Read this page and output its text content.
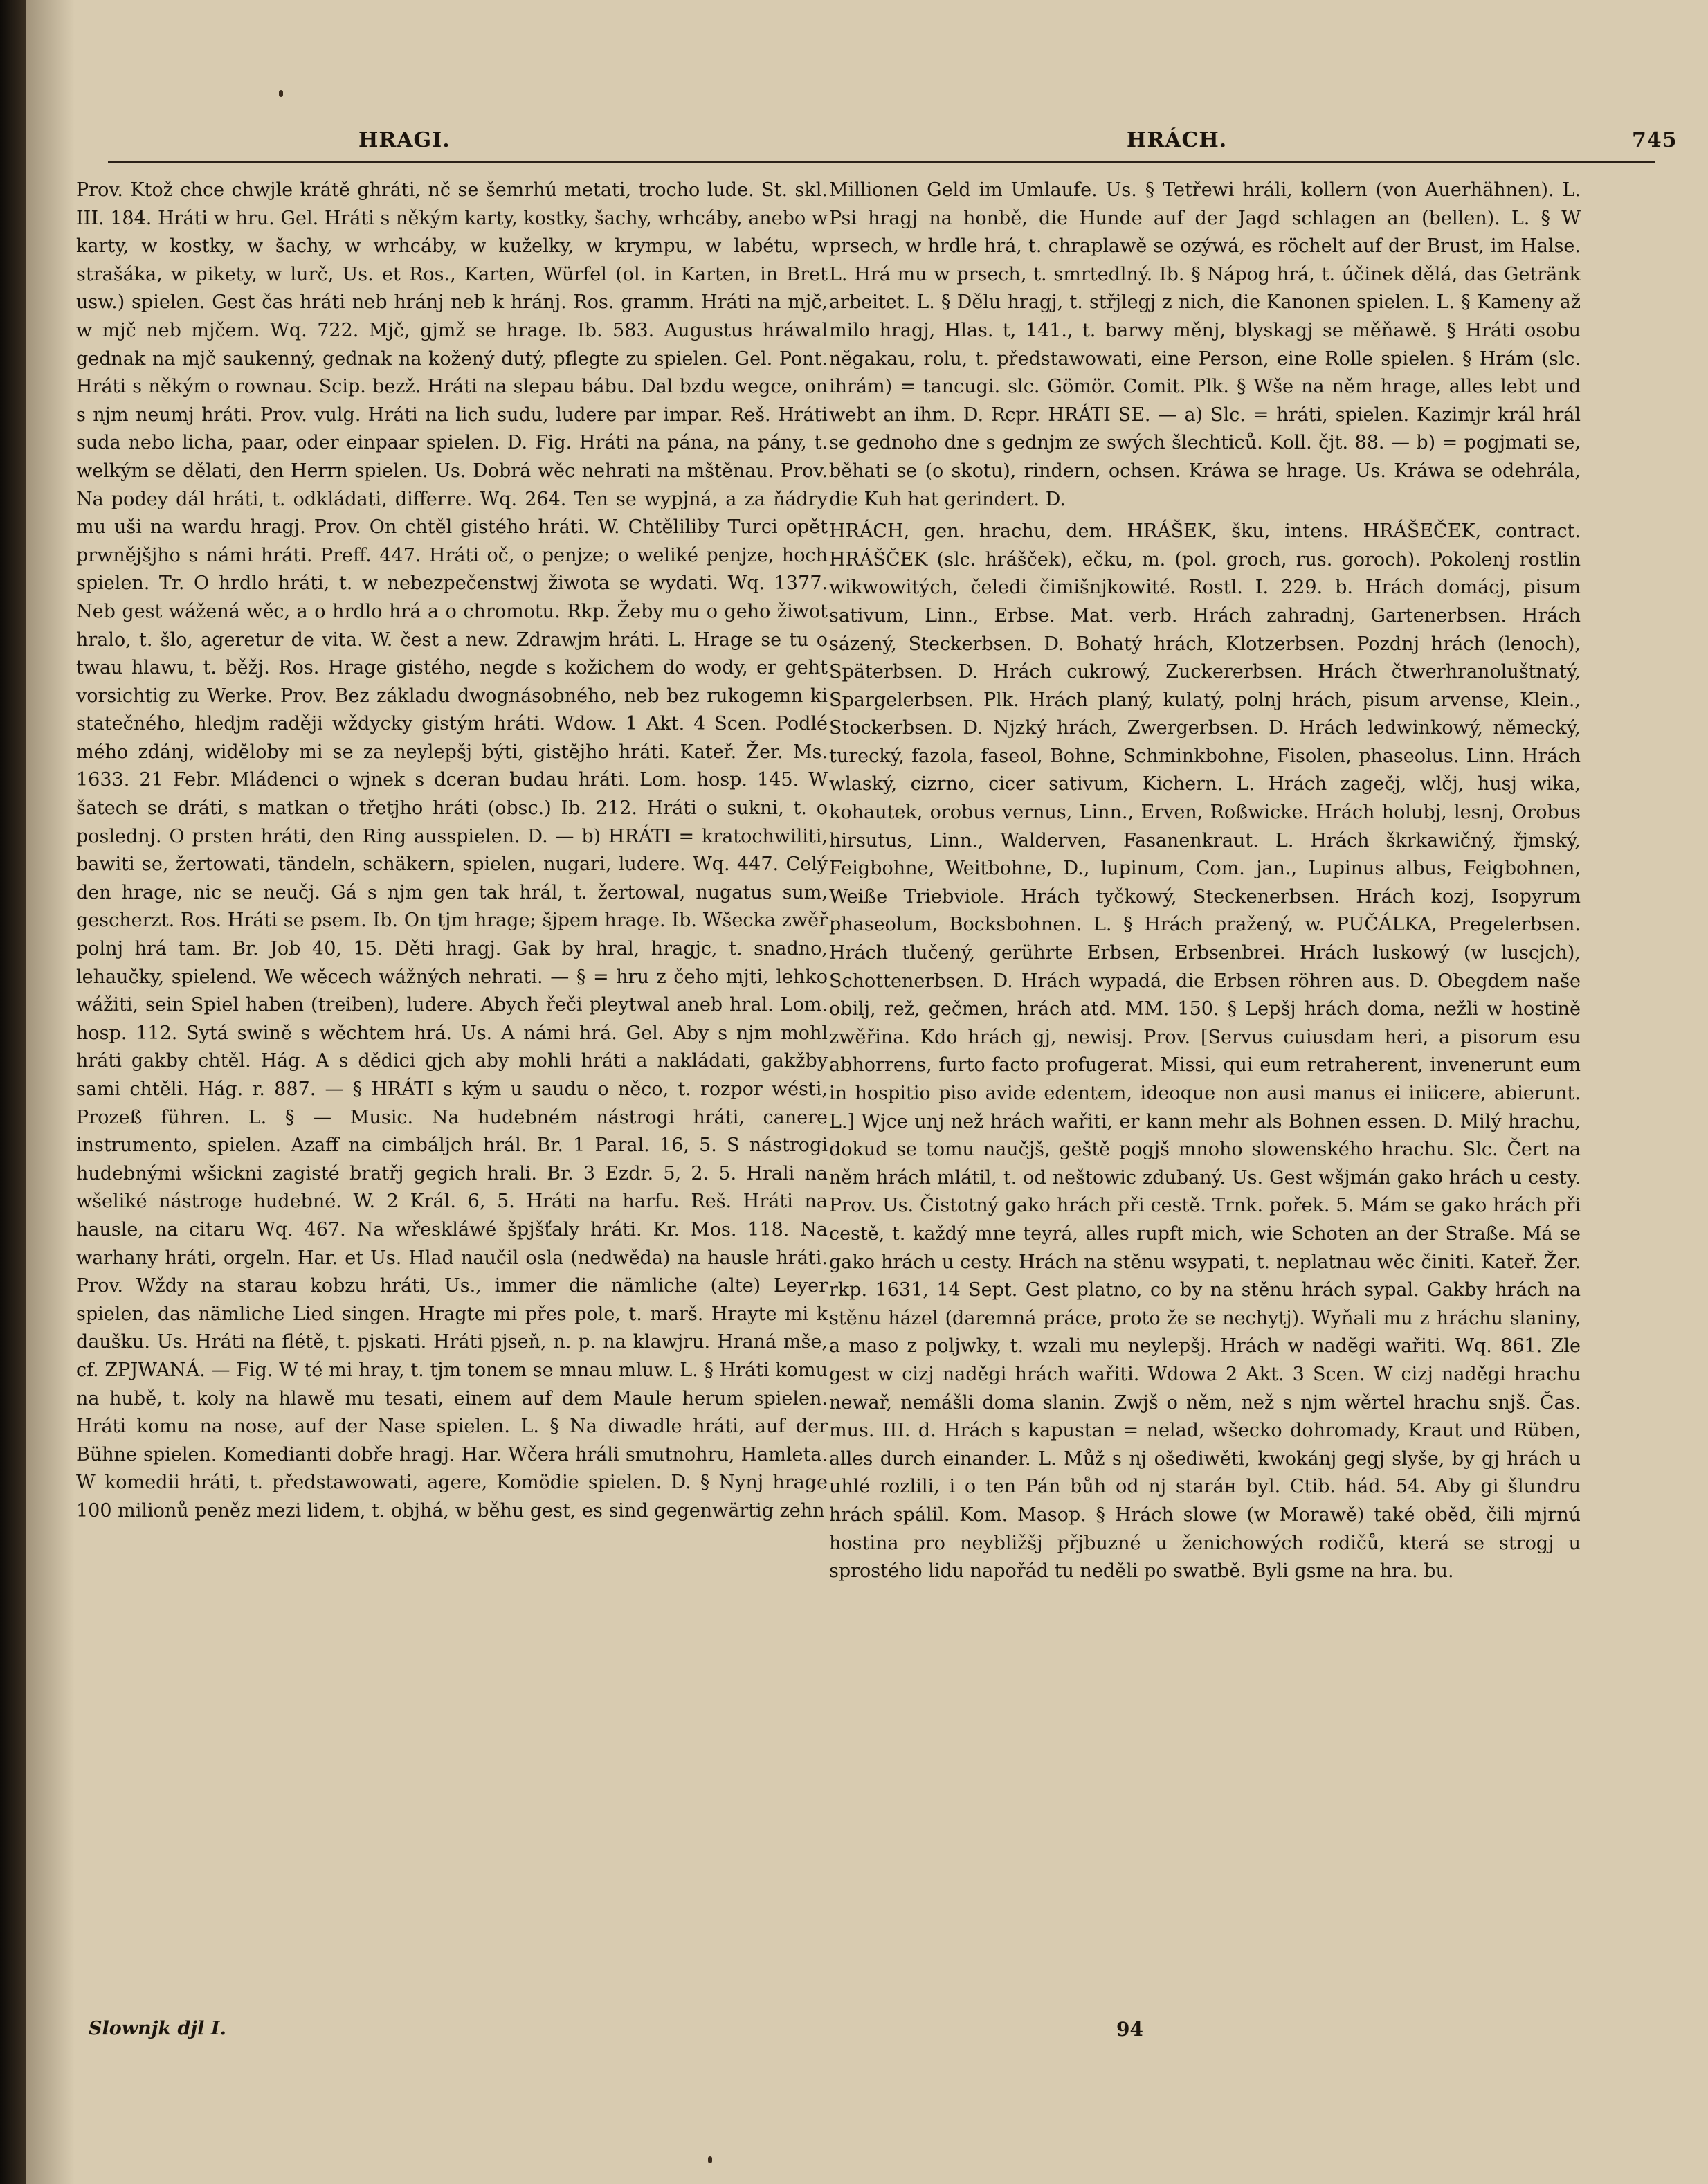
HRAGI.	HRÁCH.	745

Prov. Ktož chce chwjle krátě ghráti, nč se šemrhú metati, trocho lude. St. skl. III. 184. Hráti w hru. Gel. Hráti s někým karty, kostky, šachy, wrhcáby, anebo w karty, w kostky, w šachy, w wrhcáby, w kuželky, w krympu, w labétu, w strašáka, w pikety, w lurč, Us. et Ros., Karten, Würfel (ol. in Karten, in Bret usw.) spielen. Gest čas hráti neb hránj neb k hránj. Ros. gramm. Hráti na mjč, w mjč neb mjčem. Wq. 722. Mjč, gjmž se hrage. Ib. 583. Augustus hráwal gednak na mjč saukenný, gednak na kožený dutý, pflegte zu spielen. Gel. Pont. Hráti s někým o rownau. Scip. bezž. Hráti na slepau bábu. Dal bzdu wegce, on s njm neumj hráti. Prov. vulg. Hráti na lich sudu, ludere par impar. Reš. Hráti suda nebo licha, paar, oder einpaar spielen. D. Fig. Hráti na pána, na pány, t. welkým se dělati, den Herrn spielen. Us. Dobrá wěc nehrati na mštěnau. Prov. Na podey dál hráti, t. odkládati, differre. Wq. 264. Ten se wypjná, a za ňádry mu uši na wardu hragj. Prov. On chtěl gistého hráti. W. Chtěliliby Turci opět prwnějšjho s námi hráti. Preff. 447. Hráti oč, o penjze; o weliké penjze, hoch spielen. Tr. O hrdlo hráti, t. w nebezpečenstwj žiwota se wydati. Wq. 1377. Neb gest wážená wěc, a o hrdlo hrá a o chromotu. Rkp. Žeby mu o geho žiwot hralo, t. šlo, ageretur de vita. W. čest a new. Zdrawjm hráti. L. Hrage se tu o twau hlawu, t. běžj. Ros. Hrage gistého, negde s kožichem do wody, er geht vorsichtig zu Werke. Prov. Bez základu dwognásobného, neb bez rukogemn ki statečného, hledjm raději wždycky gistým hráti. Wdow. 1 Akt. 4 Scen. Podlé mého zdánj, widěloby mi se za neylepšj býti, gistějho hráti. Kateř. Žer. Ms. 1633. 21 Febr. Mládenci o wjnek s dceran budau hráti. Lom. hosp. 145. W šatech se dráti, s matkan o třetjho hráti (obsc.) Ib. 212. Hráti o sukni, t. o poslednj. O prsten hráti, den Ring ausspielen. D. — b) HRÁTI = kratochwiliti, bawiti se, žertowati, tändeln, schäkern, spielen, nugari, ludere. Wq. 447. Celý den hrage, nic se neučj. Gá s njm gen tak hrál, t. žertowal, nugatus sum, gescherzt. Ros. Hráti se psem. Ib. On tjm hrage; šjpem hrage. Ib. Wšecka zwěř polnj hrá tam. Br. Job 40, 15. Děti hragj. Gak by hral, hragjc, t. snadno, lehaučky, spielend. We wěcech wážných nehrati. — § = hru z čeho mjti, lehko wážiti, sein Spiel haben (treiben), ludere. Abych řeči pleytwal aneb hral. Lom. hosp. 112. Sytá swině s wěchtem hrá. Us. A námi hrá. Gel. Aby s njm mohl hráti gakby chtěl. Hág. A s dědici gjch aby mohli hráti a nakládati, gakžby sami chtěli. Hág. r. 887. — § HRÁTI s kým u saudu o něco, t. rozpor wésti, Prozeß führen. L. § — Music. Na hudebném nástrogi hráti, canere instrumento, spielen. Azaff na cimbáljch hrál. Br. 1 Paral. 16, 5. S nástrogi hudebnými wšickni zagisté bratřj gegich hrali. Br. 3 Ezdr. 5, 2. 5. Hrali na wšeliké nástroge hudebné. W. 2 Král. 6, 5. Hráti na harfu. Reš. Hráti na hausle, na citaru Wq. 467. Na wřeskláwé špjšťaly hráti. Kr. Mos. 118. Na warhany hráti, orgeln. Har. et Us. Hlad naučil osla (nedwěda) na hausle hráti. Prov. Wždy na starau kobzu hráti, Us., immer die nämliche (alte) Leyer spielen, das nämliche Lied singen. Hragte mi přes pole, t. marš. Hrayte mi k daušku. Us. Hráti na flétě, t. pjskati. Hráti pjseň, n. p. na klawjru. Hraná mše, cf. ZPJWANÁ. — Fig. W té mi hray, t. tjm tonem se mnau mluw. L. § Hráti komu na hubě, t. koly na hlawě mu tesati, einem auf dem Maule herum spielen. Hráti komu na nose, auf der Nase spielen. L. § Na diwadle hráti, auf der Bühne spielen. Komedianti dobře hragj. Har. Wčera hráli smutnohru, Hamleta. W komedii hráti, t. předstawowati, agere, Komödie spielen. D. § Nynj hrage 100 milionů peněz mezi lidem, t. objhá, w běhu gest, es sind gegenwärtig zehn

Millionen Geld im Umlaufe. Us. § Tetřewi hráli, kollern (von Auerhähnen). L. Psi hragj na honbě, die Hunde auf der Jagd schlagen an (bellen). L. § W prsech, w hrdle hrá, t. chraplawě se ozýwá, es röchelt auf der Brust, im Halse. L. Hrá mu w prsech, t. smrtedlný. Ib. § Nápog hrá, t. účinek dělá, das Getränk arbeitet. L. § Dělu hragj, t. střjlegj z nich, die Kanonen spielen. L. § Kameny až milo hragj, Hlas. t, 141., t. barwy měnj, blyskagj se měňawě. § Hráti osobu nĕgakau, rolu, t. předstawowati, eine Person, eine Rolle spielen. § Hrám (slc. ihrám) = tancugi. slc. Gömör. Comit. Plk. § Wše na něm hrage, alles lebt und webt an ihm. D. Rcpr. HRÁTI SE. — a) Slc. = hráti, spielen. Kazimjr král hrál se gednoho dne s gednjm ze swých šlechticů. Koll. čjt. 88. — b) = pogjmati se, běhati se (o skotu), rindern, ochsen. Kráwa se hrage. Us. Kráwa se odehrála, die Kuh hat gerindert. D.

HRÁCH, gen. hrachu, dem. HRÁŠEK, šku, intens. HRÁŠEČEK, contract. HRÁŠČEK (slc. hrášček), ečku, m. (pol. groch, rus. goroch). Pokolenj rostlin wikwowitých, čeledi čimišnjkowité. Rostl. I. 229. b. Hrách domácj, pisum sativum, Linn., Erbse. Mat. verb. Hrách zahradnj, Gartenerbsen. Hrách sázený, Steckerbsen. D. Bohatý hrách, Klotzerbsen. Pozdnj hrách (lenoch), Späterbsen. D. Hrách cukrowý, Zuckererbsen. Hrách čtwerhranoluštnatý, Spargelerbsen. Plk. Hrách planý, kulatý, polnj hrách, pisum arvense, Klein., Stockerbsen. D. Nјzký hrách, Zwergerbsen. D. Hrách ledwinkowý, německý, turecký, fazola, faseol, Bohne, Schminkbohne, Fisolen, phaseolus. Linn. Hrách wlaský, cizrno, cicer sativum, Kichern. L. Hrách zagečj, wlčj, husj wika, kohautek, orobus vernus, Linn., Erven, Roßwicke. Hrách holubj, lesnj, Orobus hirsutus, Linn., Walderven, Fasanenkraut. L. Hrách škrkawičný, řjmský, Feigbohne, Weitbohne, D., lupinum, Com. jan., Lupinus albus, Feigbohnen, Weiße Triebviole. Hrách tyčkowý, Steckenerbsen. Hrách kozj, Isopyrum phaseolum, Bocksbohnen. L. § Hrách pražený, w. PUČÁLKA, Pregelerbsen. Hrách tlučený, gerührte Erbsen, Erbsenbrei. Hrách luskowý (w luscjch), Schottenerbsen. D. Hrách wypadá, die Erbsen röhren aus. D. Obegdem naše obilj, rež, gečmen, hrách atd. MM. 150. § Lepšj hrách doma, nežli w hostině zwěřina. Kdo hrách gj, newisj. Prov. [Servus cuiusdam heri, a pisorum esu abhorrens, furto facto profugerat. Missi, qui eum retraherent, invenerunt eum in hospitio piso avide edentem, ideoque non ausi manus ei iniicere, abierunt. L.] Wjce unj než hrách wařiti, er kann mehr als Bohnen essen. D. Milý hrachu, dokud se tomu naučjš, geště pogjš mnoho slowenského hrachu. Slc. Čert na něm hrách mlátil, t. od neštowic zdubaný. Us. Gest wšjmán gako hrách u cesty. Prov. Us. Čistotný gako hrách při cestě. Trnk. pořek. 5. Mám se gako hrách při cestě, t. každý mne teyrá, alles rupft mich, wie Schoten an der Straße. Má se gako hrách u cesty. Hrách na stěnu wsypati, t. neplatnau wěc činiti. Kateř. Žer. rkp. 1631, 14 Sept. Gest platno, co by na stěnu hrách sypal. Gakby hrách na stěnu házel (daremná práce, proto že se nechytj). Wyňali mu z hráchu slaniny, a maso z poljwky, t. wzali mu neylepšj. Hrách w nadĕgi wařiti. Wq. 861. Zle gest w cizj naděgi hrách wařiti. Wdowa 2 Akt. 3 Scen. W cizj naděgi hrachu newař, nemášli doma slanin. Zwjš o něm, než s njm wěrtel hrachu snjš. Čas. mus. III. d. Hrách s kapustan = nelad, wšecko dohromady, Kraut und Rüben, alles durch einander. L. Můž s nj ošediwěti, kwokánj gegj slyše, by gj hrách u uhlé rozlili, i o ten Pán bůh od nj staráн byl. Ctib. hád. 54. Aby gi šlundru hrách spálil. Kom. Masop. § Hrách slowe (w Morawě) také oběd, čili mjrnú hostina pro neyblіžšj přjbuzné u ženichowých rodičů, která se strogj u sprostého lidu napořád tu neděli po swatbě. Byli gsme na hra. bu.

Slownjk djl I.	94
